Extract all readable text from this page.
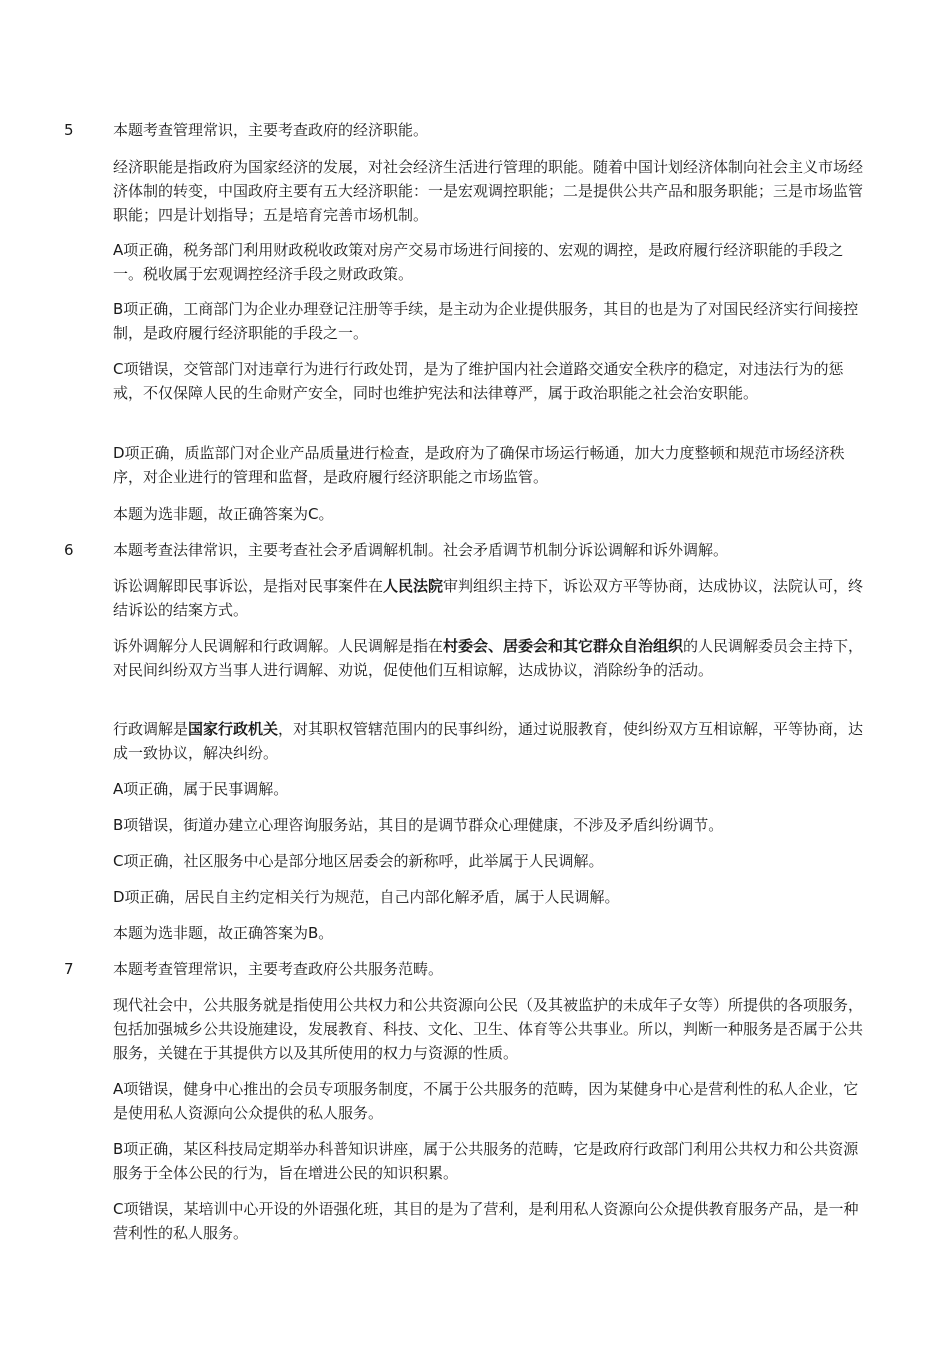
5	本题考查管理常识，主要考查政府的经济职能。
经济职能是指政府为国家经济的发展，对社会经济生活进行管理的职能。随着中国计划经济体制向社会主义市场经济体制的转变，中国政府主要有五大经济职能：一是宏观调控职能；二是提供公共产品和服务职能；三是市场监管职能；四是计划指导；五是培育完善市场机制。
A项正确，税务部门利用财政税收政策对房产交易市场进行间接的、宏观的调控，是政府履行经济职能的手段之一。税收属于宏观调控经济手段之财政政策。
B项正确，工商部门为企业办理登记注册等手续，是主动为企业提供服务，其目的也是为了对国民经济实行间接控制，是政府履行经济职能的手段之一。
C项错误，交管部门对违章行为进行行政处罚，是为了维护国内社会道路交通安全秩序的稳定，对违法行为的惩戒，不仅保障人民的生命财产安全，同时也维护宪法和法律尊严，属于政治职能之社会治安职能。
D项正确，质监部门对企业产品质量进行检查，是政府为了确保市场运行畅通，加大力度整顿和规范市场经济秩序，对企业进行的管理和监督，是政府履行经济职能之市场监管。
本题为选非题，故正确答案为C。
6	本题考查法律常识，主要考查社会矛盾调解机制。社会矛盾调节机制分诉讼调解和诉外调解。
诉讼调解即民事诉讼，是指对民事案件在人民法院审判组织主持下，诉讼双方平等协商，达成协议，法院认可，终结诉讼的结案方式。
诉外调解分人民调解和行政调解。人民调解是指在村委会、居委会和其它群众自治组织的人民调解委员会主持下，对民间纠纷双方当事人进行调解、劝说，促使他们互相谅解，达成协议，消除纷争的活动。
行政调解是国家行政机关，对其职权管辖范围内的民事纠纷，通过说服教育，使纠纷双方互相谅解，平等协商，达成一致协议，解决纠纷。
A项正确，属于民事调解。
B项错误，街道办建立心理咨询服务站，其目的是调节群众心理健康，不涉及矛盾纠纷调节。
C项正确，社区服务中心是部分地区居委会的新称呼，此举属于人民调解。
D项正确，居民自主约定相关行为规范，自己内部化解矛盾，属于人民调解。
本题为选非题，故正确答案为B。
7	本题考查管理常识，主要考查政府公共服务范畴。
现代社会中，公共服务就是指使用公共权力和公共资源向公民（及其被监护的未成年子女等）所提供的各项服务，包括加强城乡公共设施建设，发展教育、科技、文化、卫生、体育等公共事业。所以，判断一种服务是否属于公共服务，关键在于其提供方以及其所使用的权力与资源的性质。
A项错误，健身中心推出的会员专项服务制度，不属于公共服务的范畴，因为某健身中心是营利性的私人企业，它是使用私人资源向公众提供的私人服务。
B项正确，某区科技局定期举办科普知识讲座，属于公共服务的范畴，它是政府行政部门利用公共权力和公共资源服务于全体公民的行为，旨在增进公民的知识积累。
C项错误，某培训中心开设的外语强化班，其目的是为了营利，是利用私人资源向公众提供教育服务产品，是一种营利性的私人服务。
